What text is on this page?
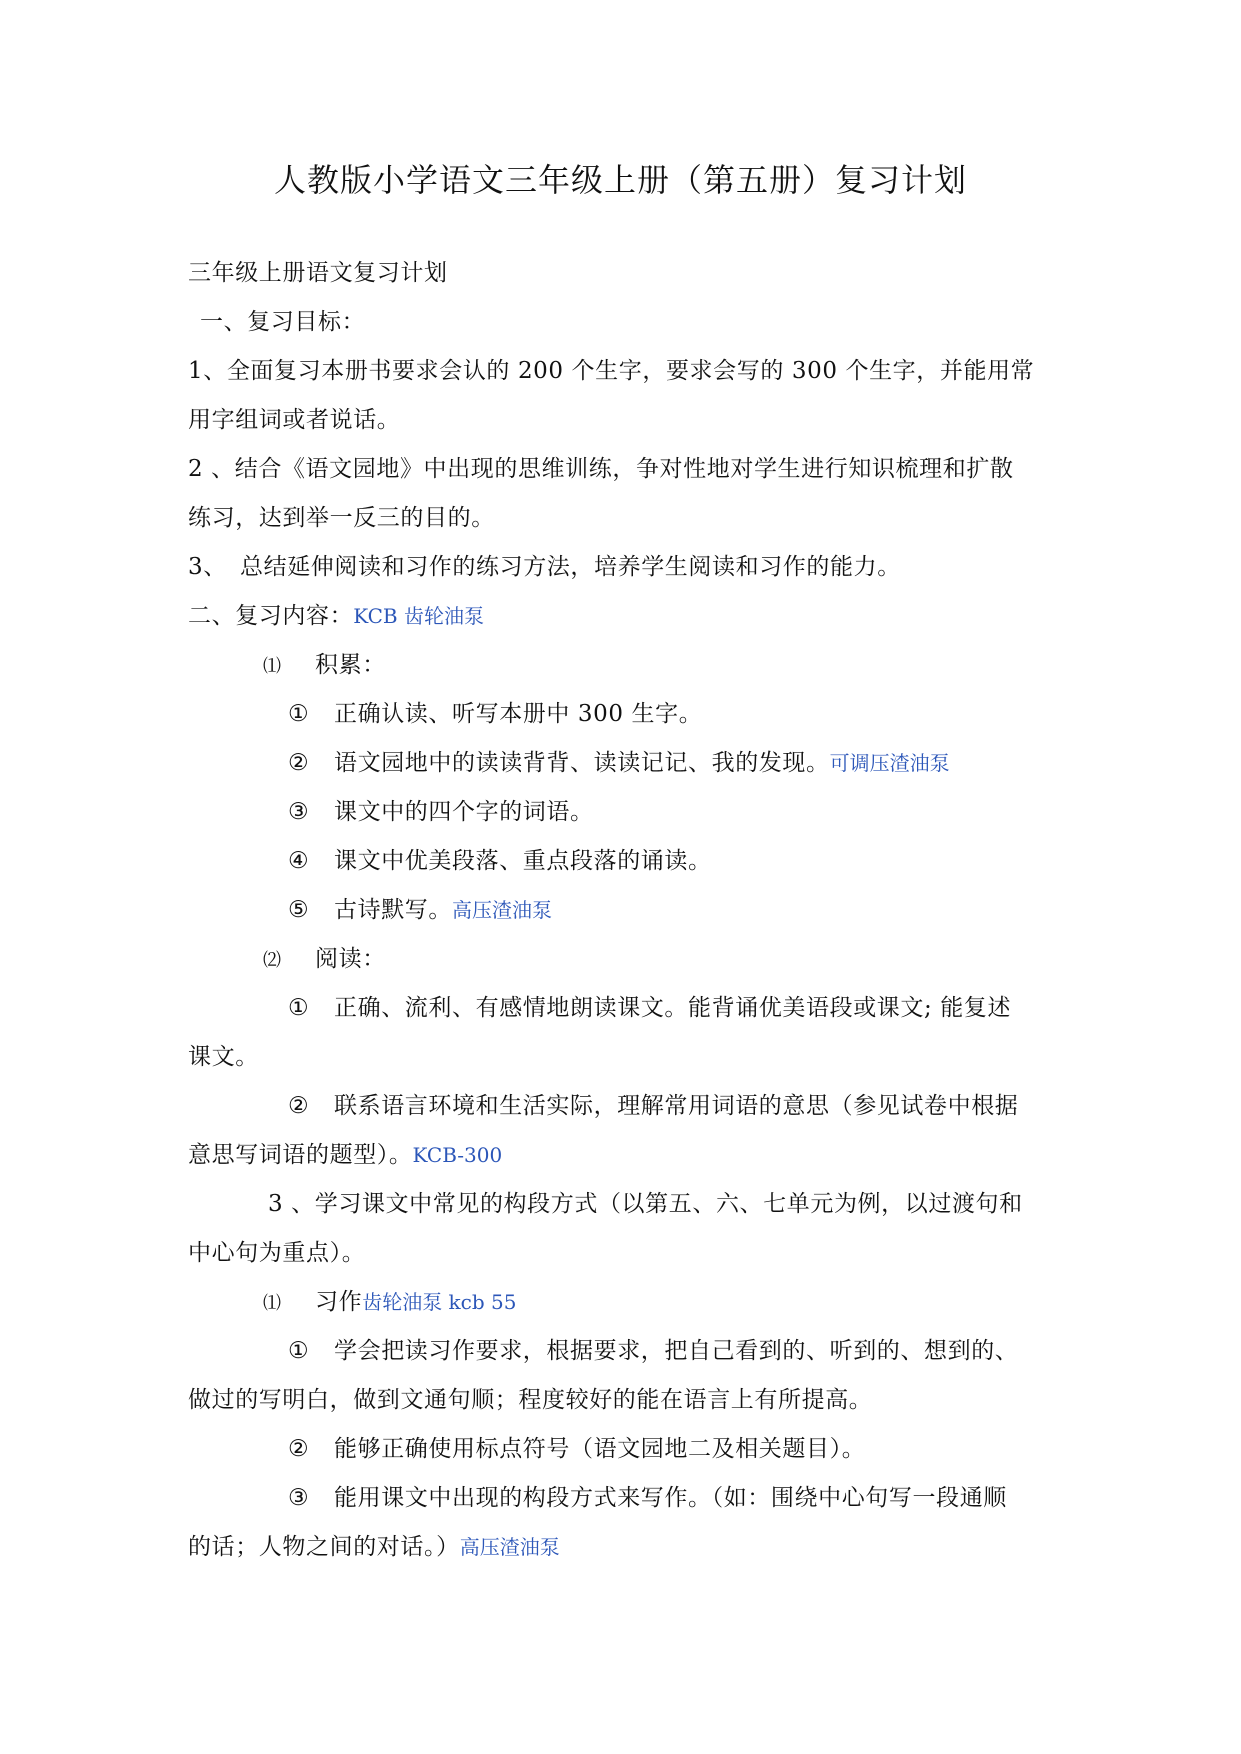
人教版小学语文三年级上册（第五册）复习计划
三年级上册语文复习计划
一、复习目标：
1、全面复习本册书要求会认的 200 个生字，要求会写的 300 个生字，并能用常
用字组词或者说话。
2 、结合《语文园地》中出现的思维训练，争对性地对学生进行知识梳理和扩散
练习，达到举一反三的目的。
3、 总结延伸阅读和习作的练习方法，培养学生阅读和习作的能力。
二、复习内容：KCB 齿轮油泵
⑴ 积累：
① 正确认读、听写本册中 300 生字。
② 语文园地中的读读背背、读读记记、我的发现。可调压渣油泵
③ 课文中的四个字的词语。
④ 课文中优美段落、重点段落的诵读。
⑤ 古诗默写。高压渣油泵
⑵ 阅读：
① 正确、流利、有感情地朗读课文。能背诵优美语段或课文; 能复述
课文。
② 联系语言环境和生活实际，理解常用词语的意思（参见试卷中根据
意思写词语的题型）。KCB-300
3 、学习课文中常见的构段方式（以第五、六、七单元为例，以过渡句和
中心句为重点）。
⑴ 习作齿轮油泵 kcb 55
① 学会把读习作要求，根据要求，把自己看到的、听到的、想到的、
做过的写明白，做到文通句顺；程度较好的能在语言上有所提高。
② 能够正确使用标点符号（语文园地二及相关题目）。
③ 能用课文中出现的构段方式来写作。（如：围绕中心句写一段通顺
的话；人物之间的对话。）高压渣油泵
